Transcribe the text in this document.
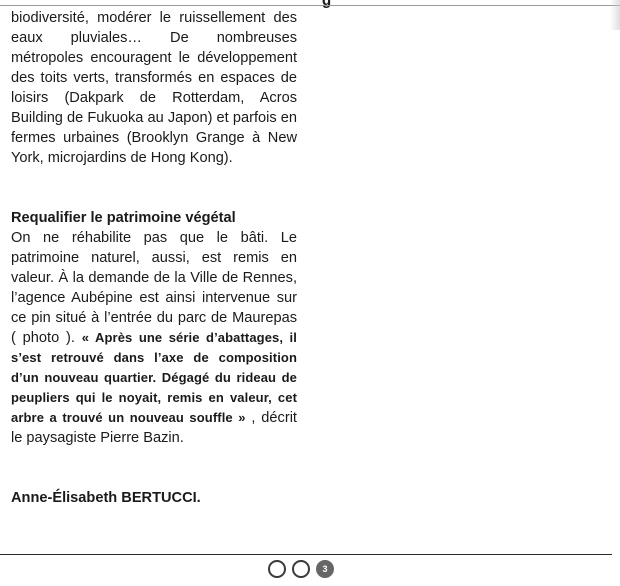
biodiversité, modérer le ruissellement des eaux pluviales… De nombreuses métropoles encouragent le développement des toits verts, transformés en espaces de loisirs (Dakpark de Rotterdam, Acros Building de Fukuoka au Japon) et parfois en fermes urbaines (Brooklyn Grange à New York, microjardins de Hong Kong).

Requalifier le patrimoine végétal

On ne réhabilite pas que le bâti. Le patrimoine naturel, aussi, est remis en valeur. À la demande de la Ville de Rennes, l’agence Aubépine est ainsi intervenue sur ce pin situé à l’entrée du parc de Maurepas ( photo ). « Après une série d’abattages, il s’est retrouvé dans l’axe de composition d’un nouveau quartier. Dégagé du rideau de peupliers qui le noyait, remis en valeur, cet arbre a trouvé un nouveau souffle » , décrit le paysagiste Pierre Bazin.

Anne-Élisabeth BERTUCCI.

3
